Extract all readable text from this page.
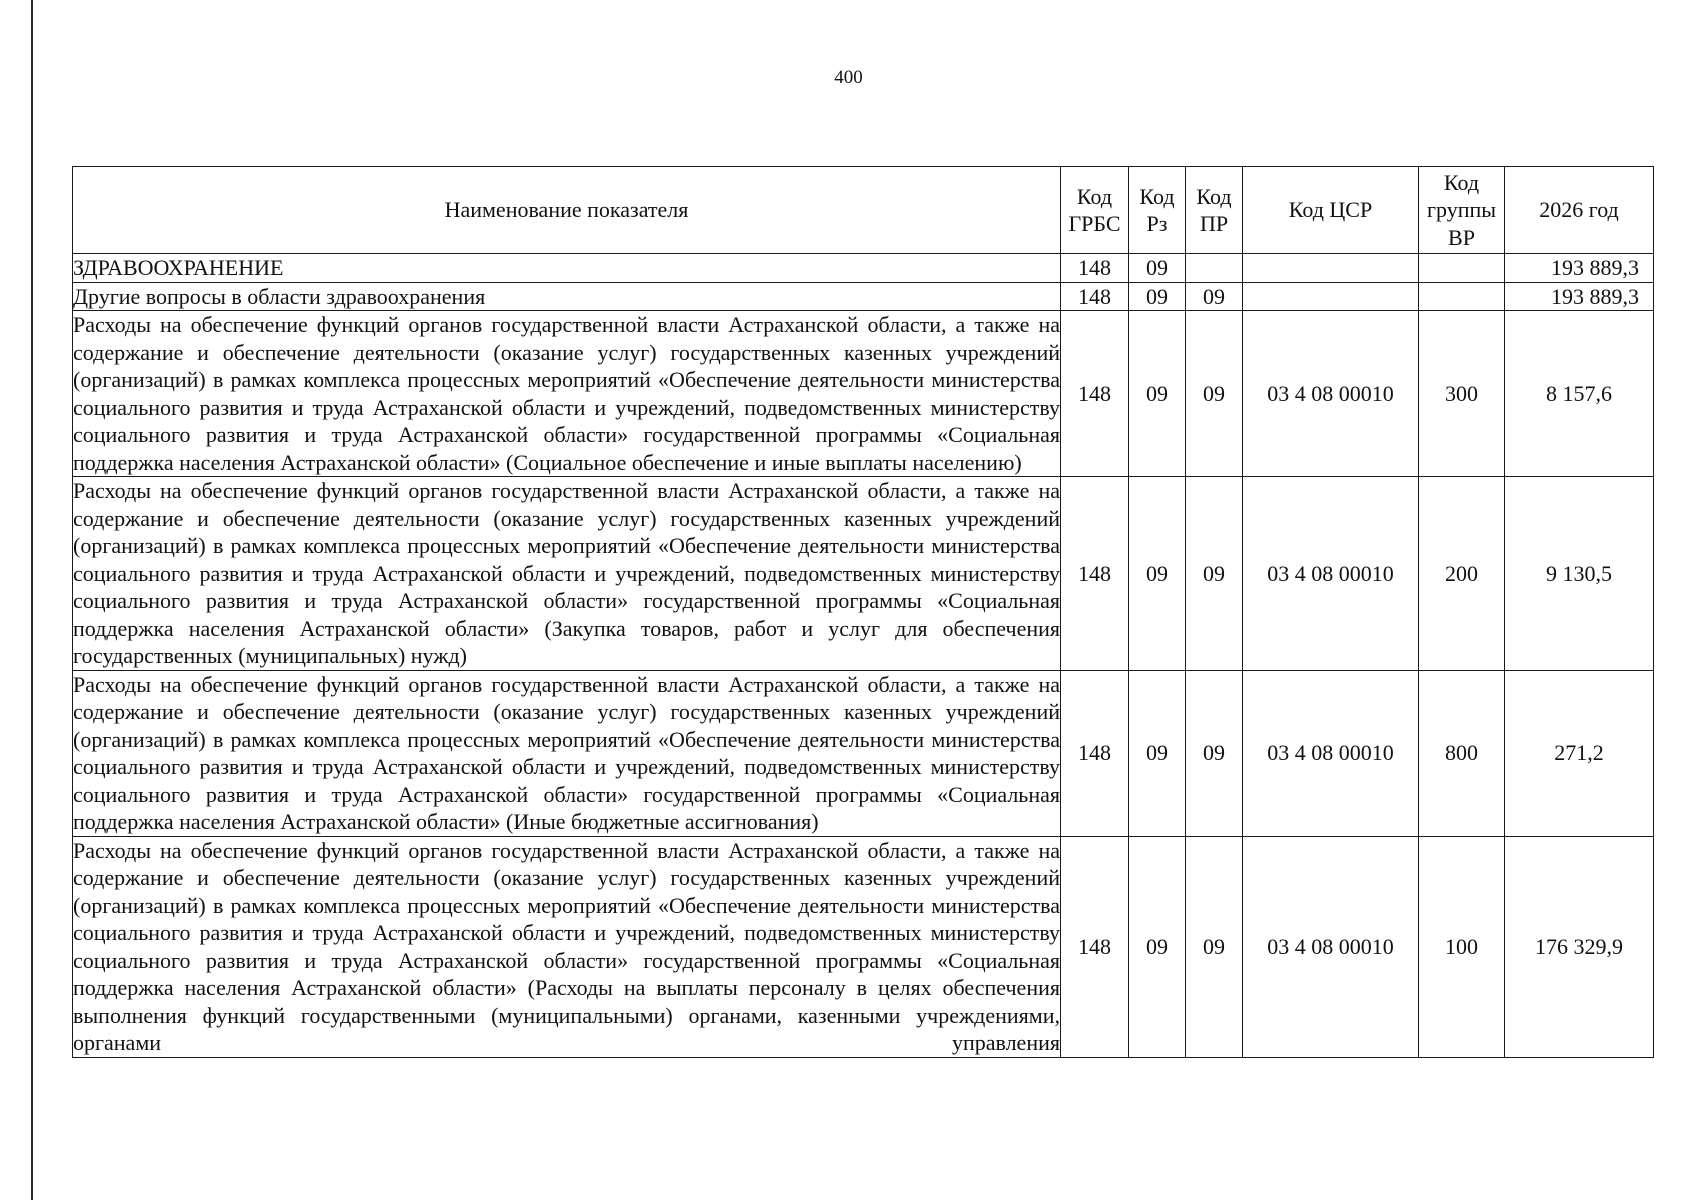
400
Наименование показателя	Код ГРБС	Код Рз	Код ПР	Код ЦСР	Код группы ВР	2026 год
ЗДРАВООХРАНЕНИЕ	148	09				193 889,3
Другие вопросы в области здравоохранения	148	09	09			193 889,3
Расходы на обеспечение функций органов государственной власти Астраханской области, а также на содержание и обеспечение деятельности (оказание услуг) государственных казенных учреждений (организаций) в рамках комплекса процессных мероприятий «Обеспечение деятельности министерства социального развития и труда Астраханской области и учреждений, подведомственных министерству социального развития и труда Астраханской области» государственной программы «Социальная поддержка населения Астраханской области» (Социальное обеспечение и иные выплаты населению)	148	09	09	03 4 08 00010	300	8 157,6
Расходы на обеспечение функций органов государственной власти Астраханской области, а также на содержание и обеспечение деятельности (оказание услуг) государственных казенных учреждений (организаций) в рамках комплекса процессных мероприятий «Обеспечение деятельности министерства социального развития и труда Астраханской области и учреждений, подведомственных министерству социального развития и труда Астраханской области» государственной программы «Социальная поддержка населения Астраханской области» (Закупка товаров, работ и услуг для обеспечения государственных (муниципальных) нужд)	148	09	09	03 4 08 00010	200	9 130,5
Расходы на обеспечение функций органов государственной власти Астраханской области, а также на содержание и обеспечение деятельности (оказание услуг) государственных казенных учреждений (организаций) в рамках комплекса процессных мероприятий «Обеспечение деятельности министерства социального развития и труда Астраханской области и учреждений, подведомственных министерству социального развития и труда Астраханской области» государственной программы «Социальная поддержка населения Астраханской области» (Иные бюджетные ассигнования)	148	09	09	03 4 08 00010	800	271,2
Расходы на обеспечение функций органов государственной власти Астраханской области, а также на содержание и обеспечение деятельности (оказание услуг) государственных казенных учреждений (организаций) в рамках комплекса процессных мероприятий «Обеспечение деятельности министерства социального развития и труда Астраханской области и учреждений, подведомственных министерству социального развития и труда Астраханской области» государственной программы «Социальная поддержка населения Астраханской области» (Расходы на выплаты персоналу в целях обеспечения выполнения функций государственными (муниципальными) органами, казенными учреждениями, органами управления	148	09	09	03 4 08 00010	100	176 329,9
